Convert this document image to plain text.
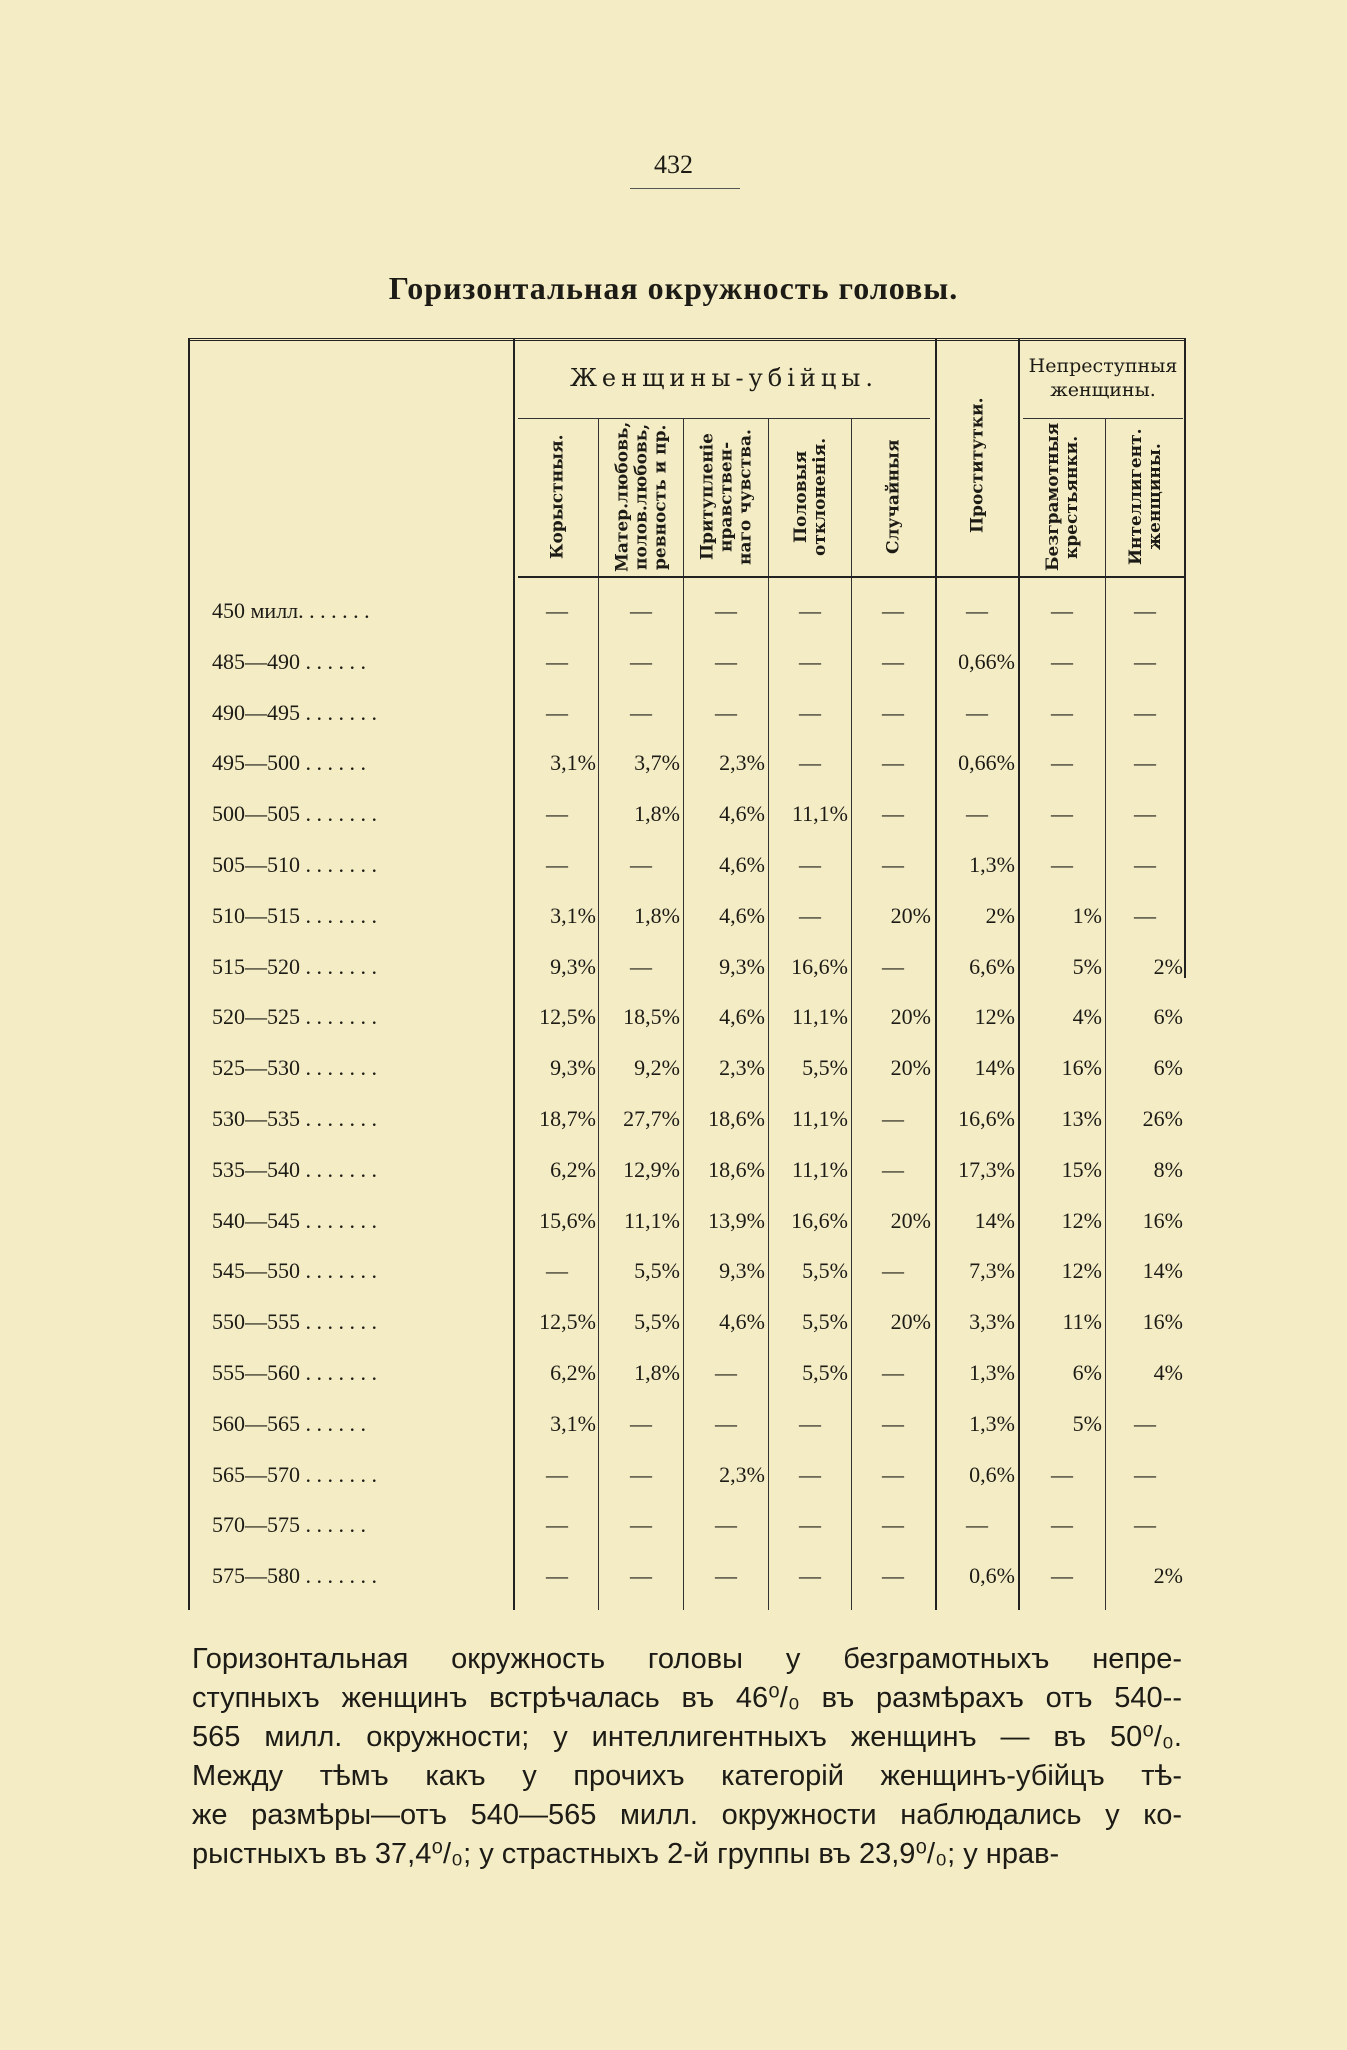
432
Горизонтальная окружность головы.
Женщины-убійцы.	Непреступныя женщины.
Корыстныя.	Матер.любовь, полов.любовь, ревность и пр.	Притупленіе нравствен-наго чувства.	Половыя отклоненія.	Случайныя	Проститутки.	Безграмотныя крестьянки.	Интеллигент. женщины.
450 милл. . . . . . .	—	—	—	—	—	—	—	—
485—490 . . . . . .	—	—	—	—	—	0,66%	—	—
490—495 . . . . . . .	—	—	—	—	—	—	—	—
495—500 . . . . . .	3,1%	3,7%	2,3%	—	—	0,66%	—	—
500—505 . . . . . . .	—	1,8%	4,6%	11,1%	—	—	—	—
505—510 . . . . . . .	—	—	4,6%	—	—	1,3%	—	—
510—515 . . . . . . .	3,1%	1,8%	4,6%	—	20%	2%	1%	—
515—520 . . . . . . .	9,3%	—	9,3%	16,6%	—	6,6%	5%	2%
520—525 . . . . . . .	12,5%	18,5%	4,6%	11,1%	20%	12%	4%	6%
525—530 . . . . . . .	9,3%	9,2%	2,3%	5,5%	20%	14%	16%	6%
530—535 . . . . . . .	18,7%	27,7%	18,6%	11,1%	—	16,6%	13%	26%
535—540 . . . . . . .	6,2%	12,9%	18,6%	11,1%	—	17,3%	15%	8%
540—545 . . . . . . .	15,6%	11,1%	13,9%	16,6%	20%	14%	12%	16%
545—550 . . . . . . .	—	5,5%	9,3%	5,5%	—	7,3%	12%	14%
550—555 . . . . . . .	12,5%	5,5%	4,6%	5,5%	20%	3,3%	11%	16%
555—560 . . . . . . .	6,2%	1,8%	—	5,5%	—	1,3%	6%	4%
560—565 . . . . . .	3,1%	—	—	—	—	1,3%	5%	—
565—570 . . . . . . .	—	—	2,3%	—	—	0,6%	—	—
570—575 . . . . . .	—	—	—	—	—	—	—	—
575—580 . . . . . . .	—	—	—	—	—	0,6%	—	2%
Горизонтальная окружность головы у безграмотныхъ непре-
ступныхъ женщинъ встрѣчалась въ 46⁰/₀ въ размѣрахъ отъ 540--
565 милл. окружности; у интеллигентныхъ женщинъ — въ 50⁰/₀.
Между тѣмъ какъ у прочихъ категорій женщинъ-убійцъ тѣ-
же размѣры—отъ 540—565 милл. окружности наблюдались у ко-
рыстныхъ въ 37,4⁰/₀; у страстныхъ 2-й группы въ 23,9⁰/₀; у нрав-
